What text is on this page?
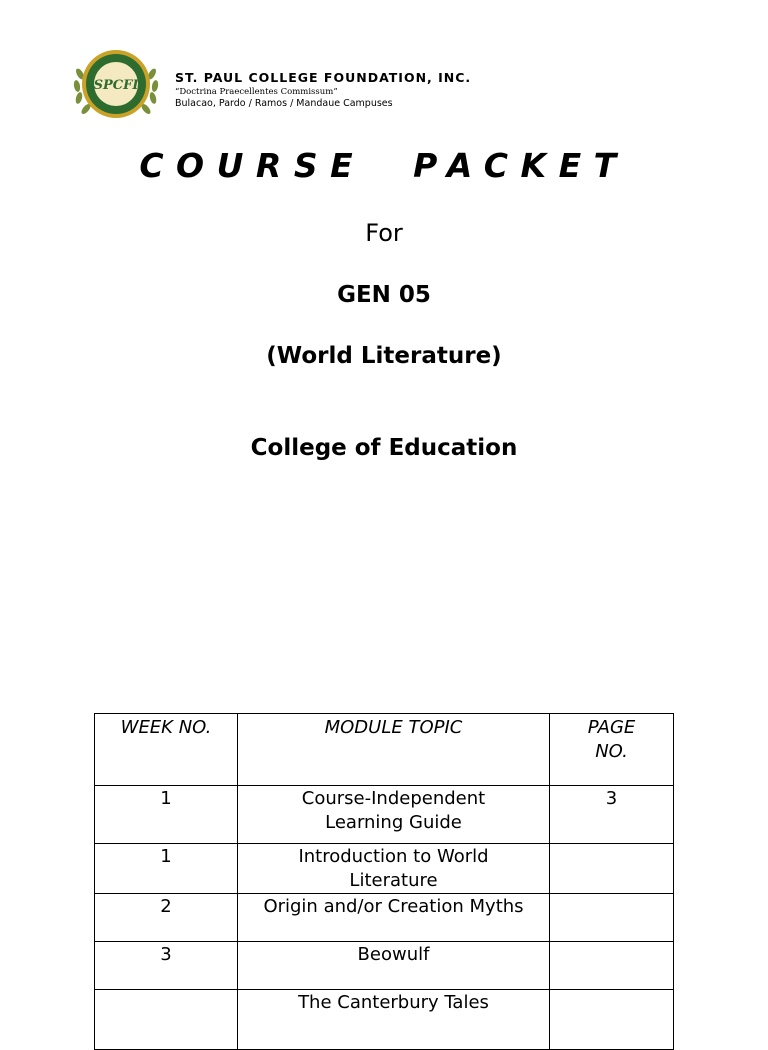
SPCFI
ST. PAUL COLLEGE FOUNDATION, INC.
“Doctrina Praecellentes Commissum”
Bulacao, Pardo / Ramos / Mandaue Campuses
COURSE  PACKET
For
GEN 05
(World Literature)
College of Education
WEEK NO.	MODULE TOPIC	PAGE
NO.
1	Course-Independent
Learning Guide	3
1	Introduction to World
Literature	
2	Origin and/or Creation Myths	
3	Beowulf	
	The Canterbury Tales	
